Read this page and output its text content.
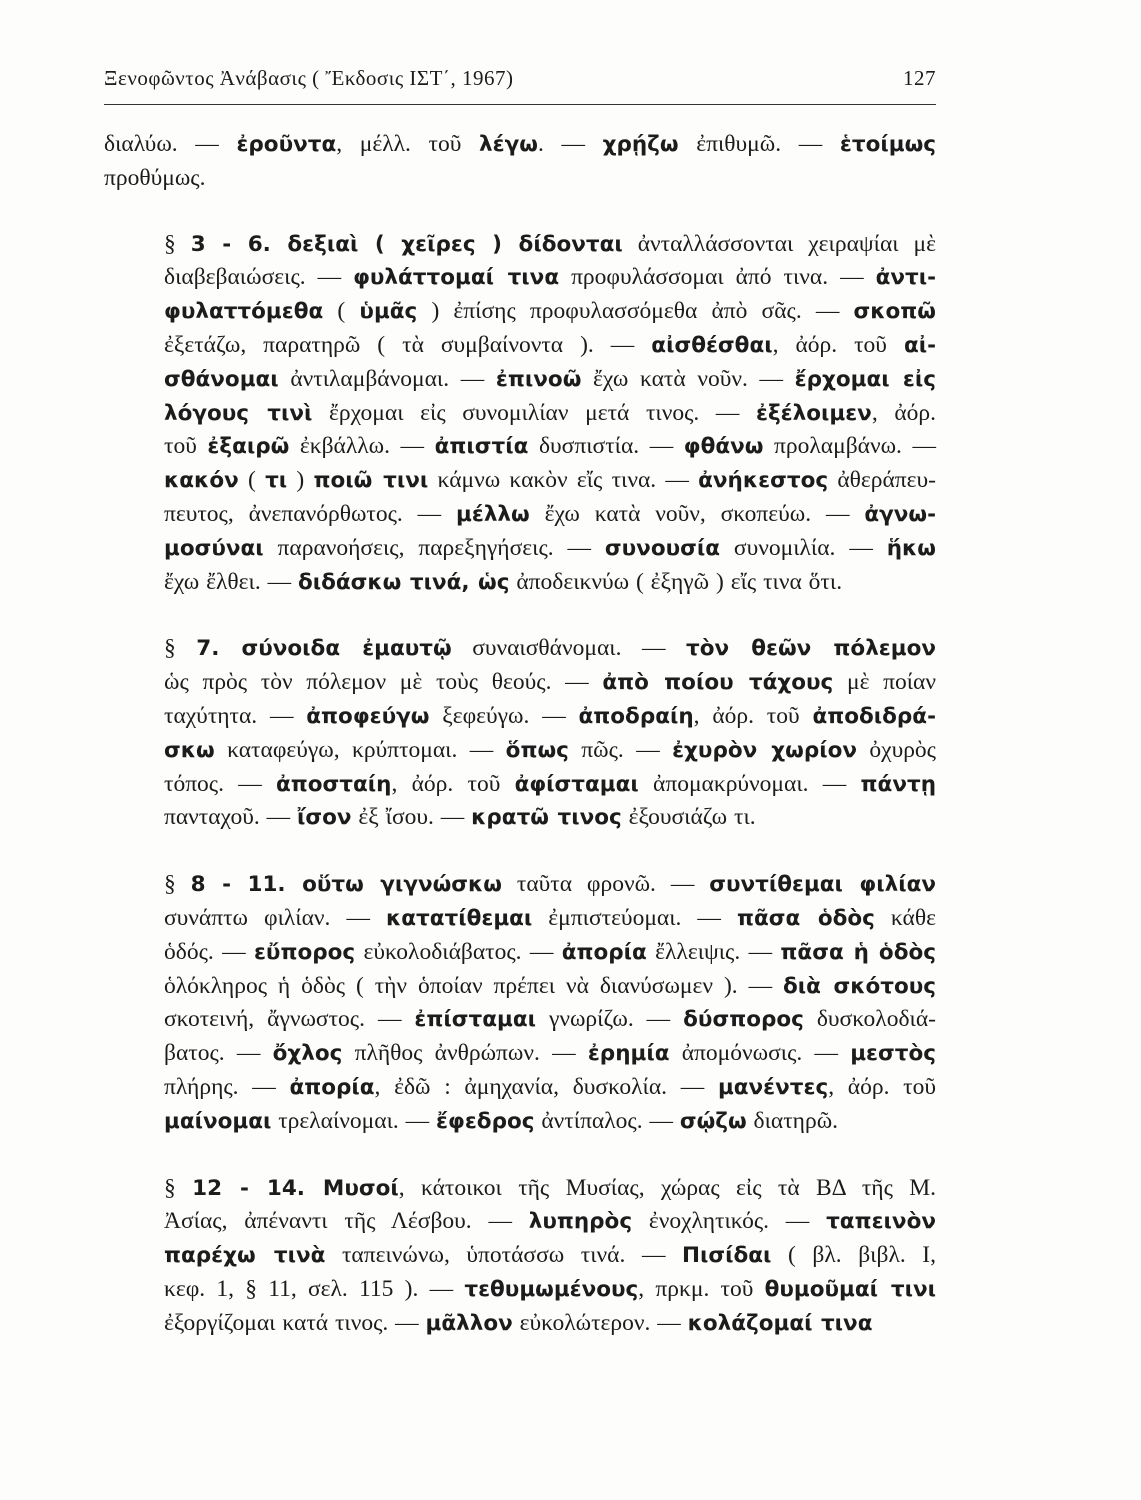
Ξενοφῶντος Ἀνάβασις ( Ἔκδοσις ΙΣΤ΄, 1967)	127
διαλύω. — ἐροῦντα, μέλλ. τοῦ λέγω. — χρῄζω ἐπιθυμῶ. — ἑτοίμως
προθύμως.
§ 3 - 6. δεξιαὶ ( χεῖρες ) δίδονται ἀνταλλάσσονται χειραψίαι μὲ
διαβεβαιώσεις. — φυλάττομαί τινα προφυλάσσομαι ἀπό τινα. — ἀντι-
φυλαττόμεθα ( ὑμᾶς ) ἐπίσης προφυλασσόμεθα ἀπὸ σᾶς. — σκοπῶ
ἐξετάζω, παρατηρῶ ( τὰ συμβαίνοντα ). — αἰσθέσθαι, ἀόρ. τοῦ αἰ-
σθάνομαι ἀντιλαμβάνομαι. — ἐπινοῶ ἔχω κατὰ νοῦν. — ἔρχομαι εἰς
λόγους τινὶ ἔρχομαι εἰς συνομιλίαν μετά τινος. — ἐξέλοιμεν, ἀόρ.
τοῦ ἐξαιρῶ ἐκβάλλω. — ἀπιστία δυσπιστία. — φθάνω προλαμβάνω. —
κακόν ( τι ) ποιῶ τινι κάμνω κακὸν εἴς τινα. — ἀνήκεστος ἀθεράπευ-
πευτος, ἀνεπανόρθωτος. — μέλλω ἔχω κατὰ νοῦν, σκοπεύω. — ἀγνω-
μοσύναι παρανοήσεις, παρεξηγήσεις. — συνουσία συνομιλία. — ἥκω
ἔχω ἔλθει. — διδάσκω τινά, ὡς ἀποδεικνύω ( ἐξηγῶ ) εἴς τινα ὅτι.
§ 7. σύνοιδα ἐμαυτῷ συναισθάνομαι. — τὸν θεῶν πόλεμον
ὡς πρὸς τὸν πόλεμον μὲ τοὺς θεούς. — ἀπὸ ποίου τάχους μὲ ποίαν
ταχύτητα. — ἀποφεύγω ξεφεύγω. — ἀποδραίη, ἀόρ. τοῦ ἀποδιδρά-
σκω καταφεύγω, κρύπτομαι. — ὅπως πῶς. — ἐχυρὸν χωρίον ὀχυρὸς
τόπος. — ἀποσταίη, ἀόρ. τοῦ ἀφίσταμαι ἀπομακρύνομαι. — πάντῃ
πανταχοῦ. — ἴσον ἐξ ἴσου. — κρατῶ τινος ἐξουσιάζω τι.
§ 8 - 11. οὕτω γιγνώσκω ταῦτα φρονῶ. — συντίθεμαι φιλίαν
συνάπτω φιλίαν. — κατατίθεμαι ἐμπιστεύομαι. — πᾶσα ὁδὸς κάθε
ὁδός. — εὔπορος εὐκολοδιάβατος. — ἀπορία ἔλλειψις. — πᾶσα ἡ ὁδὸς
ὁλόκληρος ἡ ὁδὸς ( τὴν ὁποίαν πρέπει νὰ διανύσωμεν ). — διὰ σκότους
σκοτεινή, ἄγνωστος. — ἐπίσταμαι γνωρίζω. — δύσπορος δυσκολοδιά-
βατος. — ὄχλος πλῆθος ἀνθρώπων. — ἐρημία ἀπομόνωσις. — μεστὸς
πλήρης. — ἀπορία, ἐδῶ : ἀμηχανία, δυσκολία. — μανέντες, ἀόρ. τοῦ
μαίνομαι τρελαίνομαι. — ἔφεδρος ἀντίπαλος. — σῴζω διατηρῶ.
§ 12 - 14. Μυσοί, κάτοικοι τῆς Μυσίας, χώρας εἰς τὰ ΒΔ τῆς Μ.
Ἀσίας, ἀπέναντι τῆς Λέσβου. — λυπηρὸς ἐνοχλητικός. — ταπεινὸν
παρέχω τινὰ ταπεινώνω, ὑποτάσσω τινά. — Πισίδαι ( βλ. βιβλ. Ι,
κεφ. 1, § 11, σελ. 115 ). — τεθυμωμένους, πρκμ. τοῦ θυμοῦμαί τινι
ἐξοργίζομαι κατά τινος. — μᾶλλον εὐκολώτερον. — κολάζομαί τινα
